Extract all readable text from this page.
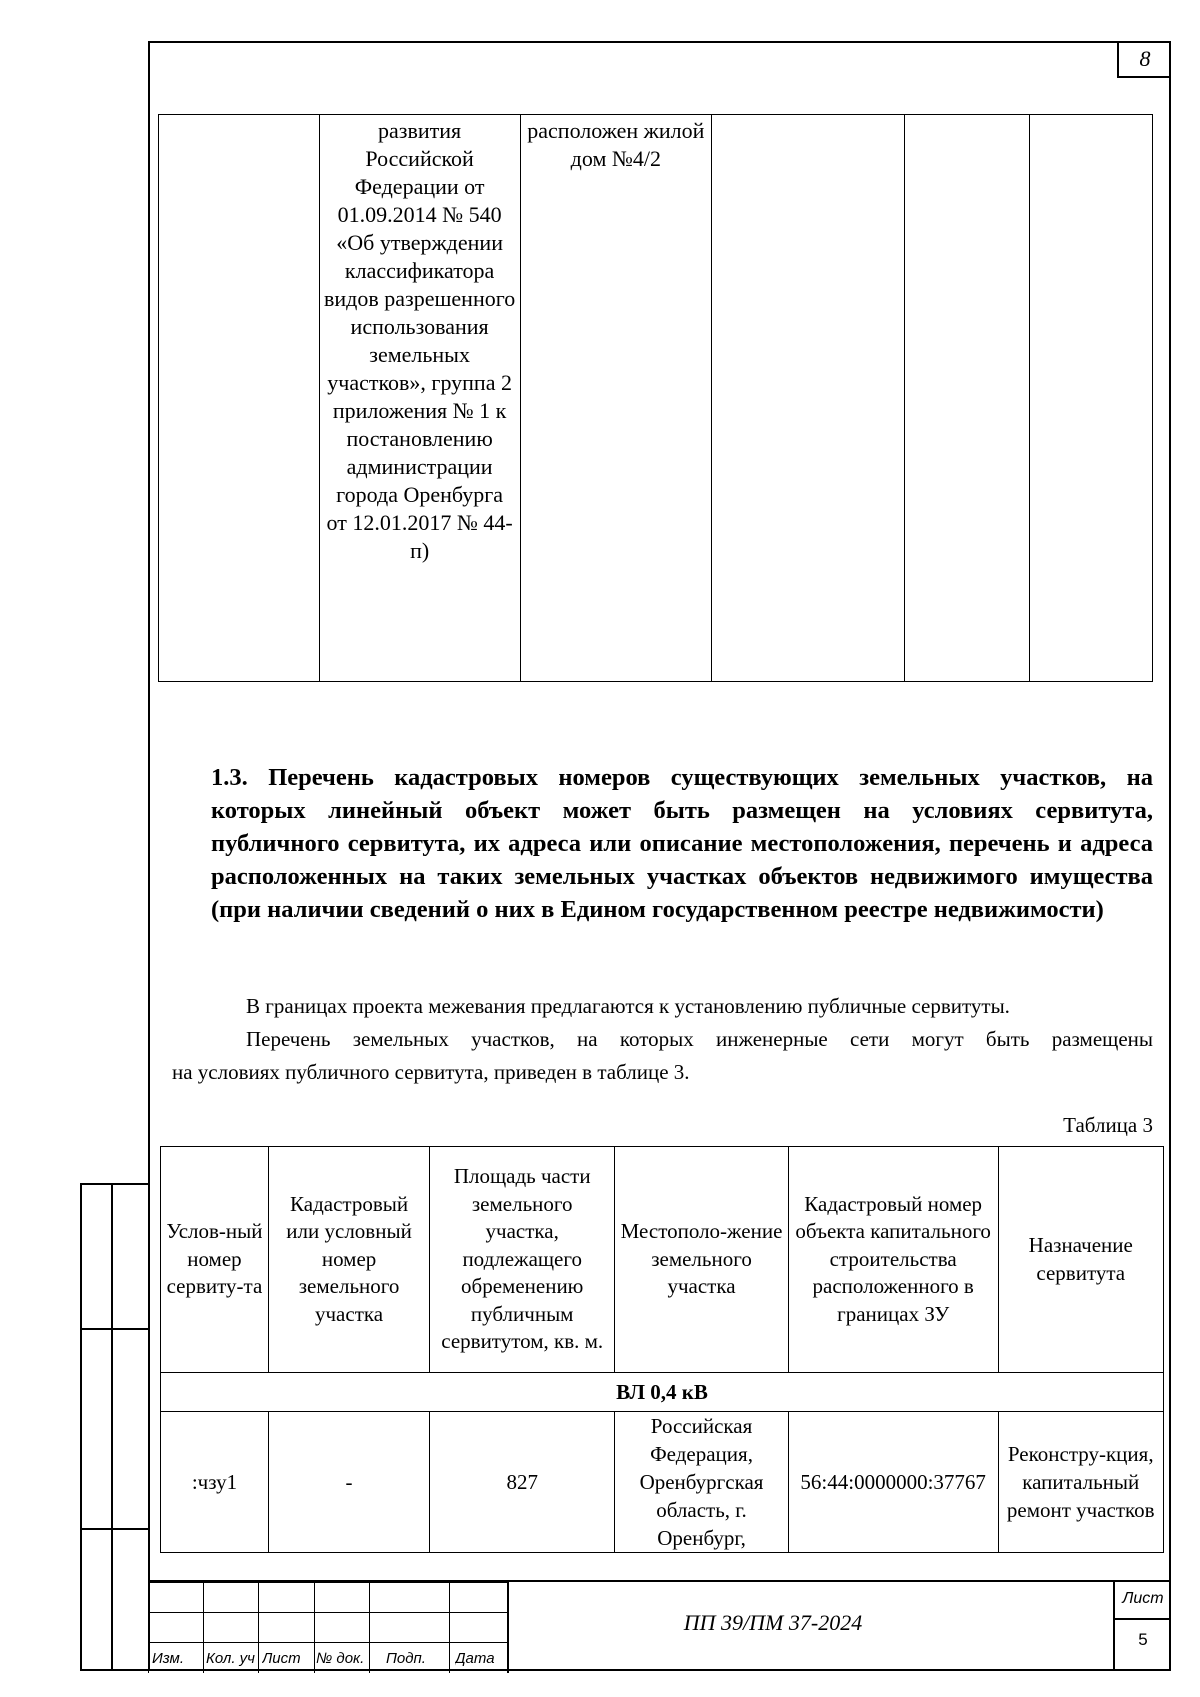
8
	развития Российской Федерации от 01.09.2014 № 540 «Об утверждении классификатора видов разрешенного использования земельных участков», группа 2 приложения № 1 к постановлению администрации города Оренбурга от 12.01.2017 № 44-п)	расположен жилой дом №4/2			
1.3. Перечень кадастровых номеров существующих земельных участков, на которых линейный объект может быть размещен на условиях сервитута, публичного сервитута, их адреса или описание местоположения, перечень и адреса расположенных на таких земельных участках объектов недвижимого имущества (при наличии сведений о них в Едином государственном реестре недвижимости)
В границах проекта межевания предлагаются к установлению публичные сервитуты.
Перечень земельных участков, на которых инженерные сети могут быть размещены
на условиях публичного сервитута, приведен в таблице 3.
Таблица 3
Услов-ный номер сервиту-та	Кадастровый или условный номер земельного участка	Площадь части земельного участка, подлежащего обременению публичным сервитутом, кв. м.	Местополо-жение земельного участка	Кадастровый номер объекта капитального строительства расположенного в границах ЗУ	Назначение сервитута
ВЛ 0,4 кВ					
:чзу1	-	827	Российская Федерация, Оренбургская область, г. Оренбург,	56:44:0000000:37767	Реконстру-кция, капитальный ремонт участков
Изм.	Кол. уч Лист	№ док. Подп.	Дата
ПП 39/ПМ 37-2024
Лист
5
